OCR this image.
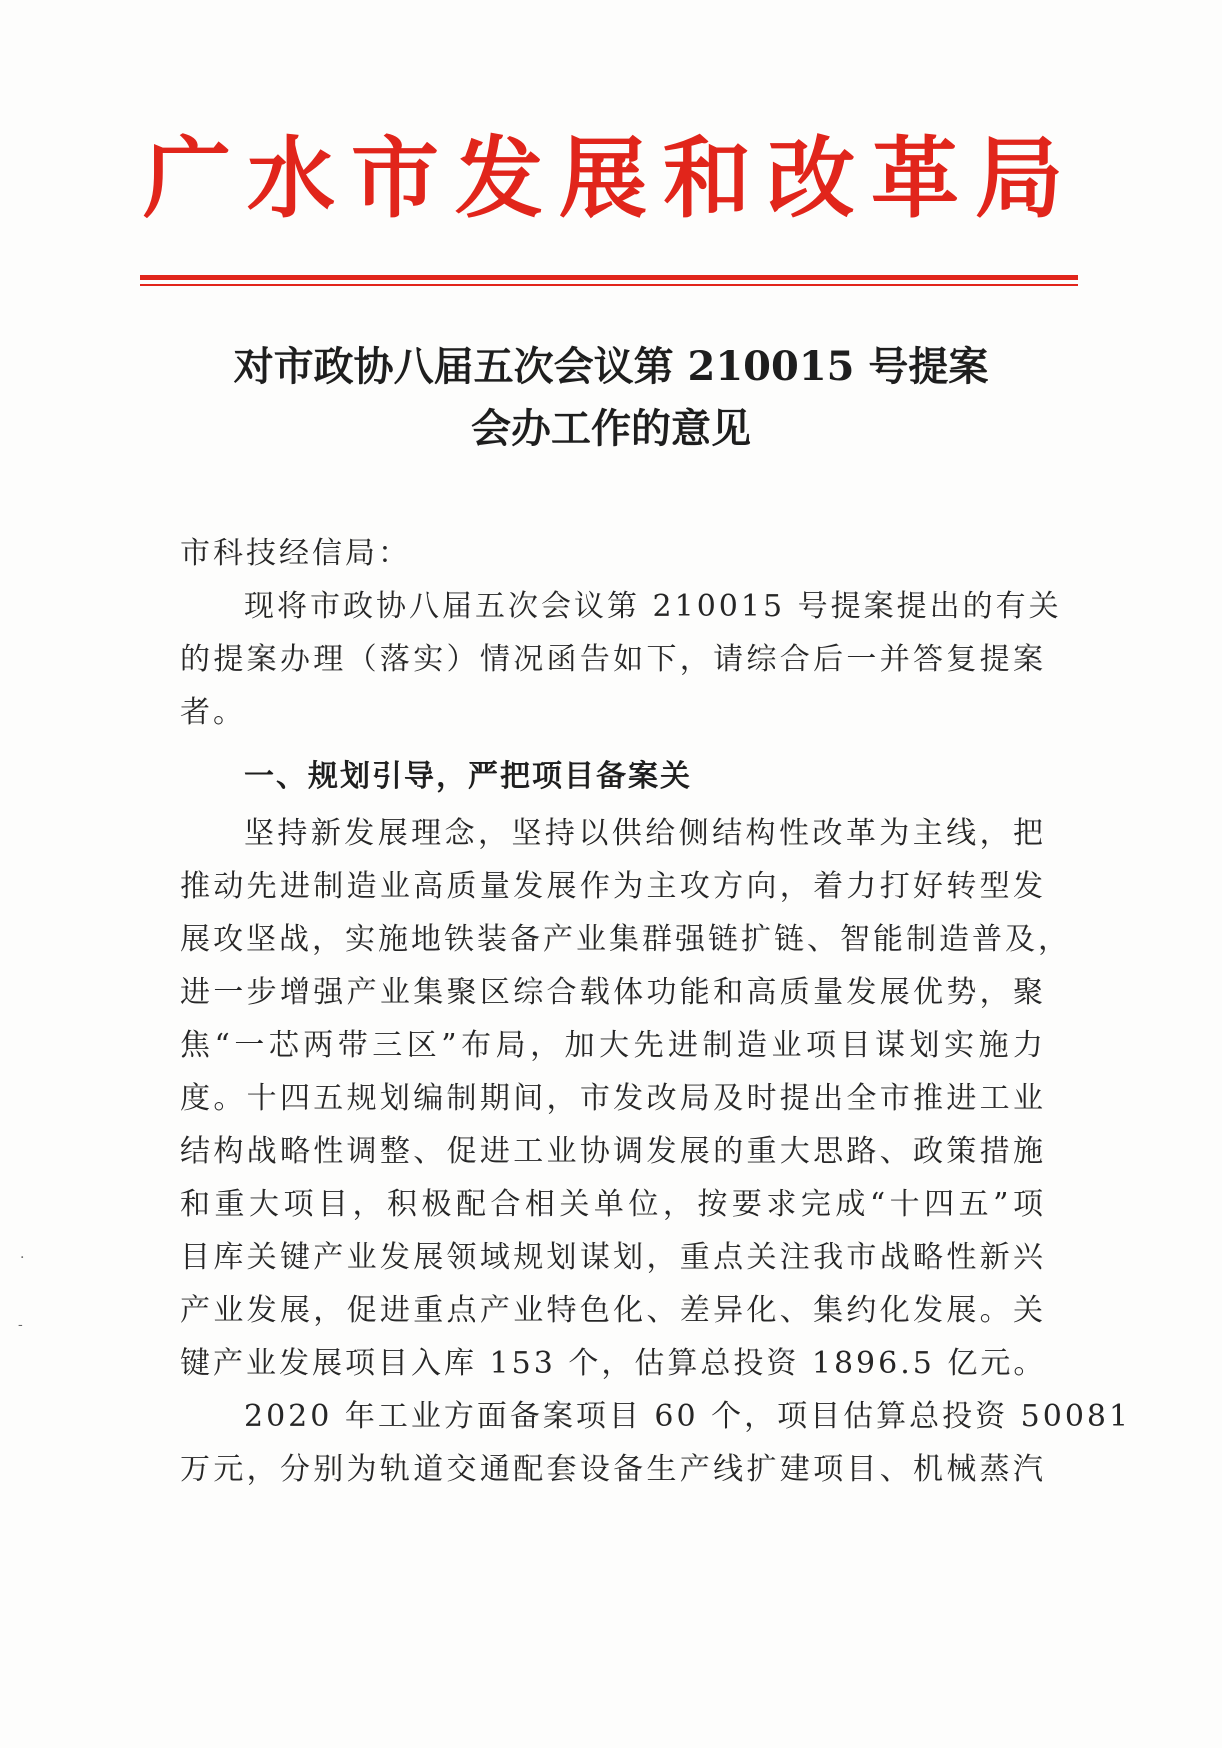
广水市发展和改革局
对市政协八届五次会议第 210015 号提案
会办工作的意见
市科技经信局：
现将市政协八届五次会议第 210015 号提案提出的有关
的提案办理（落实）情况函告如下，请综合后一并答复提案
者。
一、规划引导，严把项目备案关
坚持新发展理念，坚持以供给侧结构性改革为主线，把
推动先进制造业高质量发展作为主攻方向，着力打好转型发
展攻坚战，实施地铁装备产业集群强链扩链、智能制造普及，
进一步增强产业集聚区综合载体功能和高质量发展优势，聚
焦“一芯两带三区”布局，加大先进制造业项目谋划实施力
度。十四五规划编制期间，市发改局及时提出全市推进工业
结构战略性调整、促进工业协调发展的重大思路、政策措施
和重大项目，积极配合相关单位，按要求完成“十四五”项
目库关键产业发展领域规划谋划，重点关注我市战略性新兴
产业发展，促进重点产业特色化、差异化、集约化发展。关
键产业发展项目入库 153 个，估算总投资 1896.5 亿元。
2020 年工业方面备案项目 60 个，项目估算总投资 50081
万元，分别为轨道交通配套设备生产线扩建项目、机械蒸汽
·
-
